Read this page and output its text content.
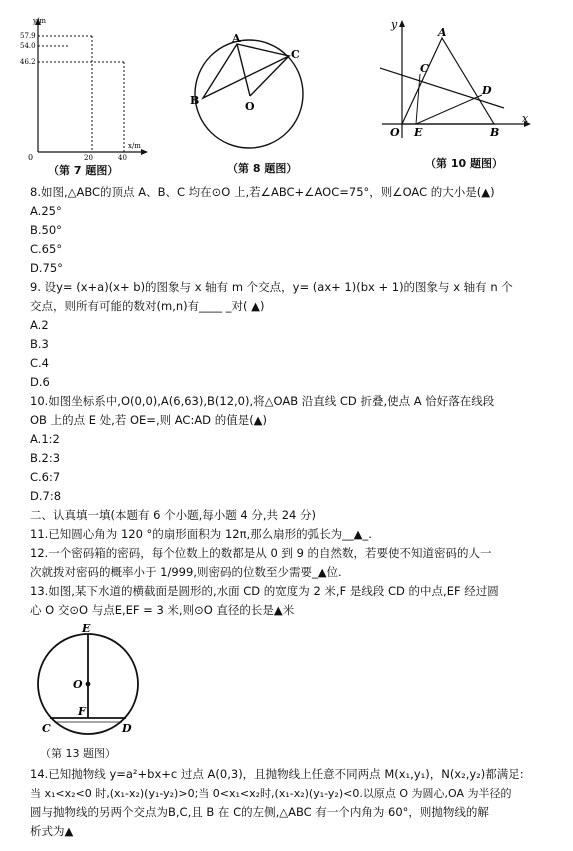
y/m
x/m
57.9
54.0
46.2
0	20	40
（第 7 题图）
A
C
B	O
（第 8 题图）
y
x
A
C
D
O E	B
（第 10 题图）
8.如图,△ABC的顶点 A、B、C 均在⊙O 上,若∠ABC+∠AOC=75°，则∠OAC 的大小是(▲)
A.25°
B.50°
C.65°
D.75°
9. 设y= (x+a)(x+ b)的图象与 x 轴有 m 个交点，y= (ax+ 1)(bx + 1)的图象与 x 轴有 n 个
交点，则所有可能的数对(m,n)有____ _对( ▲)
A.2
B.3
C.4
D.6
10.如图坐标系中,O(0,0),A(6,63),B(12,0),将△OAB 沿直线 CD 折叠,使点 A 恰好落在线段
OB 上的点 E 处,若 OE=,则 AC:AD 的值是(▲)
A.1:2
B.2:3
C.6:7
D.7:8
二、认真填一填(本题有 6 个小题,每小题 4 分,共 24 分)
11.已知圆心角为 120 °的扇形面积为 12π,那么扇形的弧长为__▲_.
12.一个密码箱的密码，每个位数上的数都是从 0 到 9 的自然数，若要使不知道密码的人一
次就拨对密码的概率小于 1/999,则密码的位数至少需要_▲位.
13.如图,某下水道的横截面是圆形的,水面 CD 的宽度为 2 米,F 是线段 CD 的中点,EF 经过圆
心 O 交⊙O 与点E,EF = 3 米,则⊙O 直径的长是▲米
E
O
F
C	D
（第 13 题图）
14.已知抛物线 y=a²+bx+c 过点 A(0,3)，且抛物线上任意不同两点 M(x₁,y₁)，N(x₂,y₂)都满足:
当 x₁<x₂<0 时,(x₁-x₂)(y₁-y₂)>0;当 0<x₁<x₂时,(x₁-x₂)(y₁-y₂)<0.以原点 O 为圆心,OA 为半径的
圆与抛物线的另两个交点为B,C,且 B 在 C的左侧,△ABC 有一个内角为 60°，则抛物线的解
析式为▲
